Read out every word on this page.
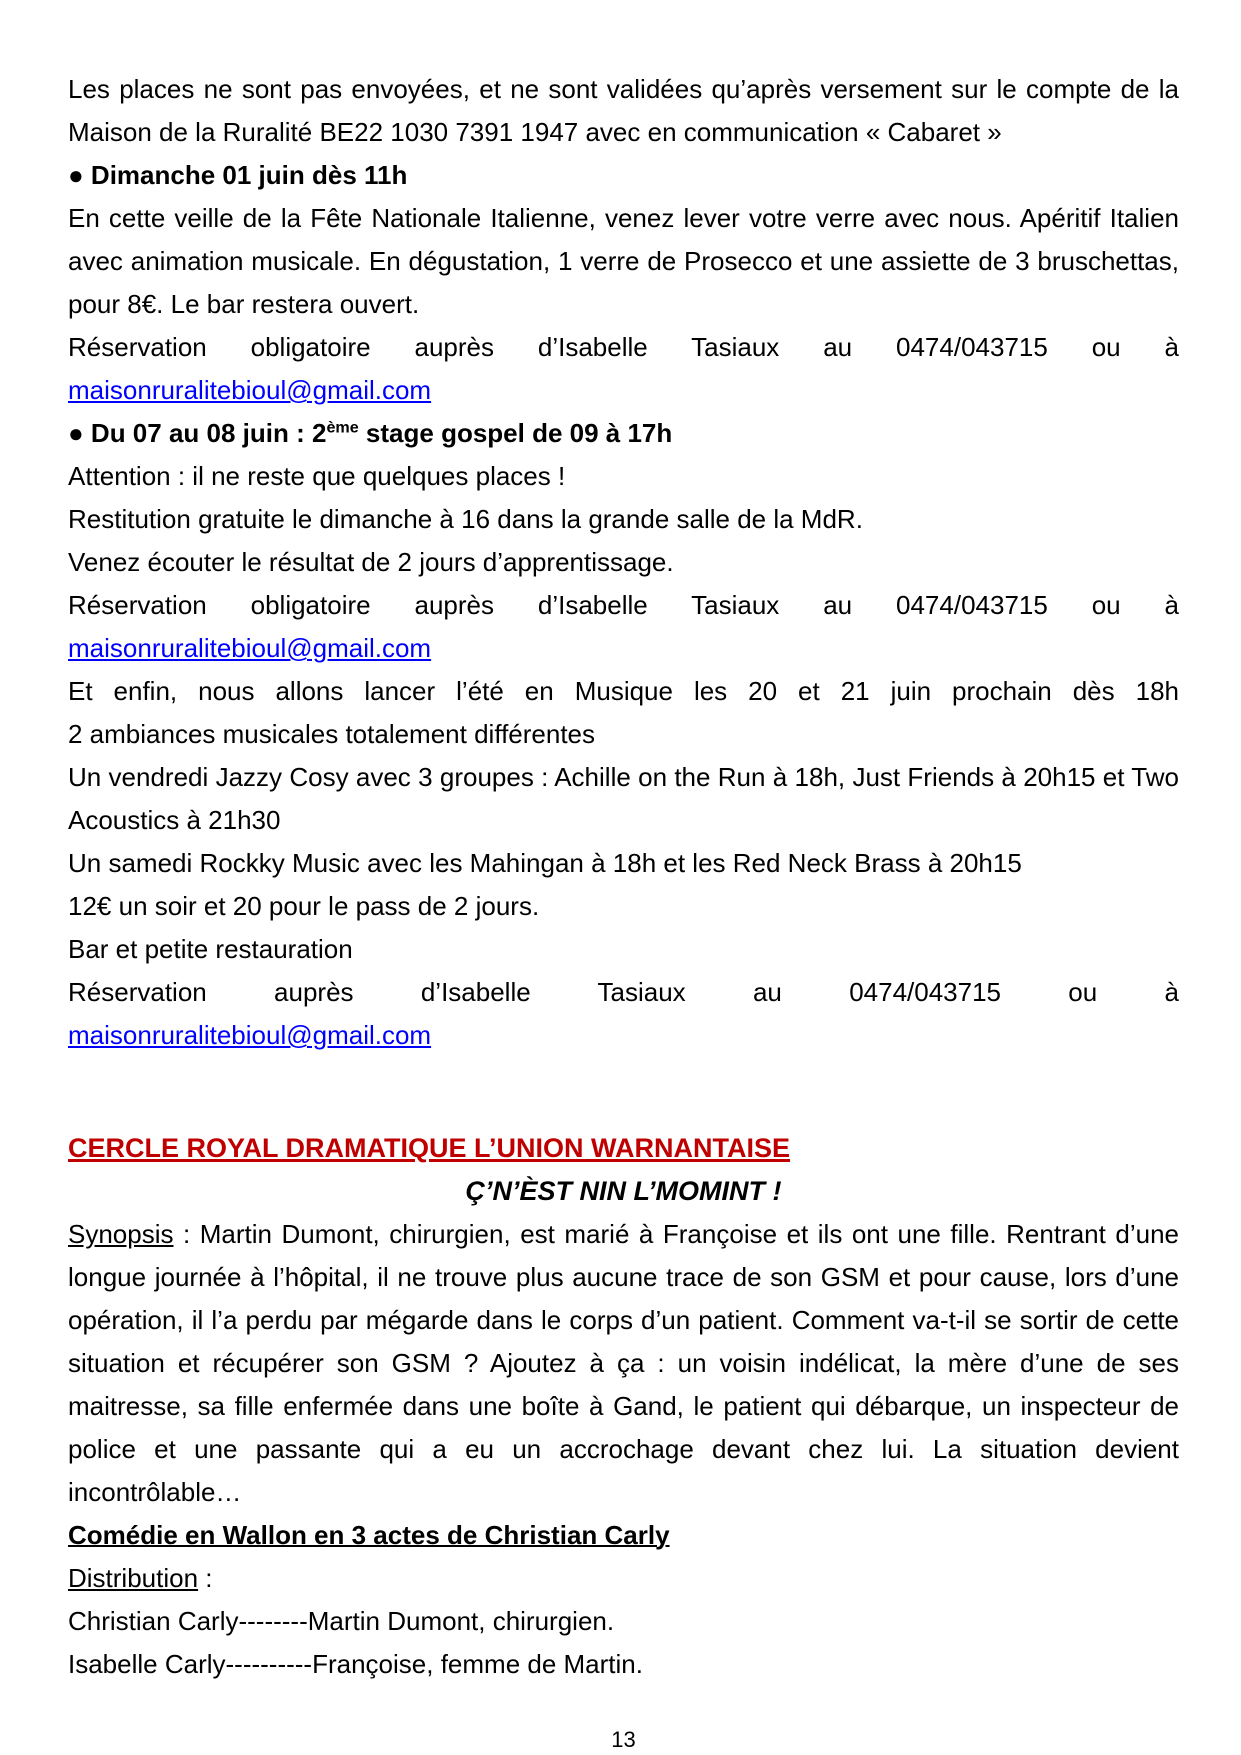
Les places ne sont pas envoyées, et ne sont validées qu’après versement sur le compte de la Maison de la Ruralité BE22 1030 7391 1947 avec en communication « Cabaret »

● Dimanche 01 juin dès 11h

En cette veille de la Fête Nationale Italienne, venez lever votre verre avec nous. Apéritif Italien avec animation musicale. En dégustation, 1 verre de Prosecco et une assiette de 3 bruschettas, pour 8€. Le bar restera ouvert.

Réservation obligatoire auprès d’Isabelle Tasiaux au 0474/043715 ou à

maisonruralitebioul@gmail.com

● Du 07 au 08 juin : 2ème stage gospel de 09 à 17h

Attention : il ne reste que quelques places !

Restitution gratuite le dimanche à 16 dans la grande salle de la MdR.

Venez écouter le résultat de 2 jours d’apprentissage.

Réservation obligatoire auprès d’Isabelle Tasiaux au 0474/043715 ou à

maisonruralitebioul@gmail.com

Et enfin, nous allons lancer l’été en Musique les 20 et 21 juin prochain dès 18h

2 ambiances musicales totalement différentes

Un vendredi Jazzy Cosy avec 3 groupes : Achille on the Run à 18h, Just Friends à 20h15 et Two Acoustics à 21h30

Un samedi Rockky Music avec les Mahingan à 18h et les Red Neck Brass à 20h15

12€ un soir et 20 pour le pass de 2 jours.

Bar et petite restauration

Réservation auprès d’Isabelle Tasiaux au 0474/043715 ou à

maisonruralitebioul@gmail.com

CERCLE ROYAL DRAMATIQUE L’UNION WARNANTAISE

Ç’N’ÈST NIN L’MOMINT !

Synopsis : Martin Dumont, chirurgien, est marié à Françoise et ils ont une fille. Rentrant d’une longue journée à l’hôpital, il ne trouve plus aucune trace de son GSM et pour cause, lors d’une opération, il l’a perdu par mégarde dans le corps d’un patient. Comment va-t-il se sortir de cette situation et récupérer son GSM ? Ajoutez à ça : un voisin indélicat, la mère d’une de ses maitresse, sa fille enfermée dans une boîte à Gand, le patient qui débarque, un inspecteur de police et une passante qui a eu un accrochage devant chez lui. La situation devient incontrôlable…

Comédie en Wallon en 3 actes de Christian Carly

Distribution :

Christian Carly--------Martin Dumont, chirurgien.

Isabelle Carly----------Françoise, femme de Martin.

13
